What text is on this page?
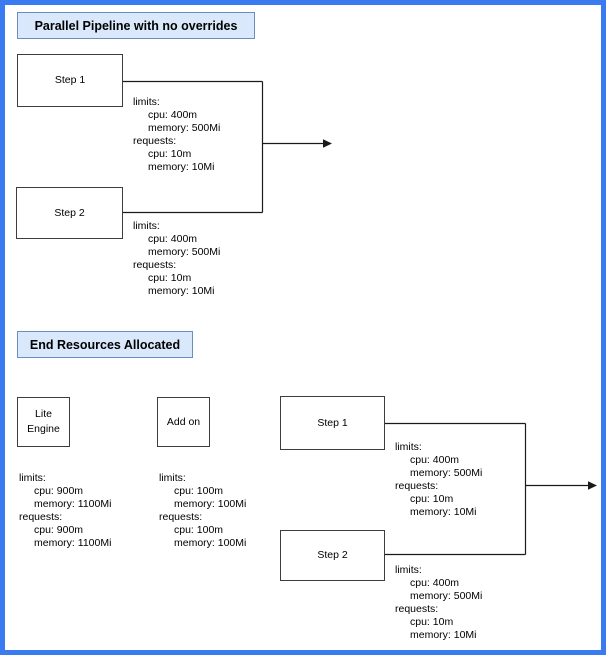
Parallel Pipeline with no overrides
Step 1
limits:
cpu: 400m
memory: 500Mi
requests:
cpu: 10m
memory: 10Mi
Step 2
limits:
cpu: 400m
memory: 500Mi
requests:
cpu: 10m
memory: 10Mi
End Resources Allocated
Lite
Engine
limits:
cpu: 900m
memory: 1100Mi
requests:
cpu: 900m
memory: 1100Mi
Add on
limits:
cpu: 100m
memory: 100Mi
requests:
cpu: 100m
memory: 100Mi
Step 1
limits:
cpu: 400m
memory: 500Mi
requests:
cpu: 10m
memory: 10Mi
Step 2
limits:
cpu: 400m
memory: 500Mi
requests:
cpu: 10m
memory: 10Mi
